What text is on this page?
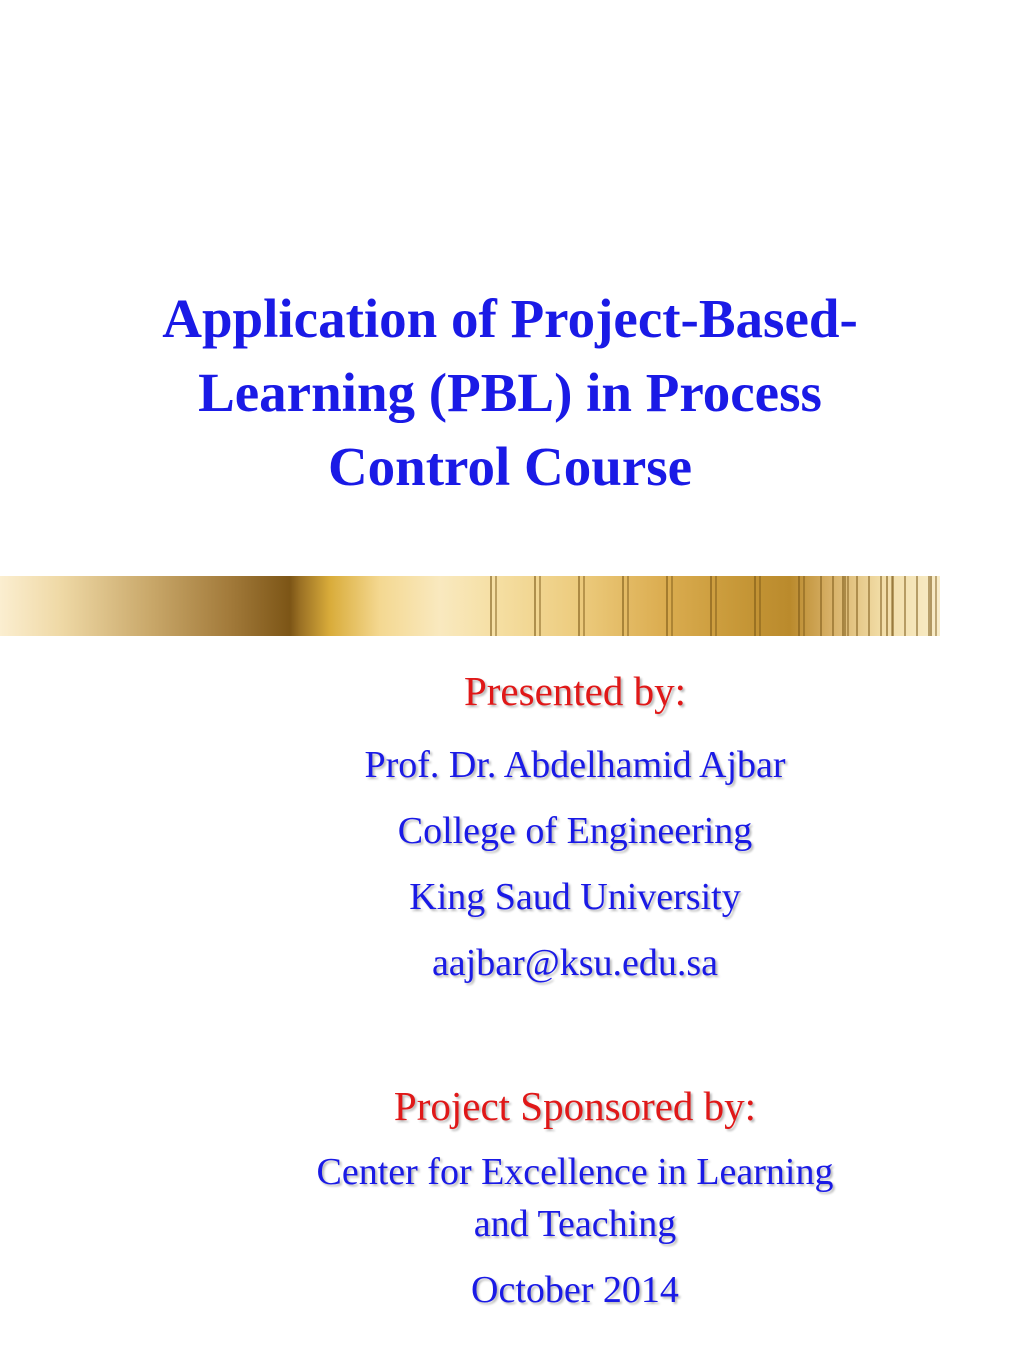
Application of Project-Based-
Learning (PBL) in Process
Control Course
Presented by:
Prof. Dr. Abdelhamid Ajbar
College of Engineering
King Saud University
aajbar@ksu.edu.sa
Project Sponsored by:
Center for Excellence in Learning
and Teaching
October 2014
